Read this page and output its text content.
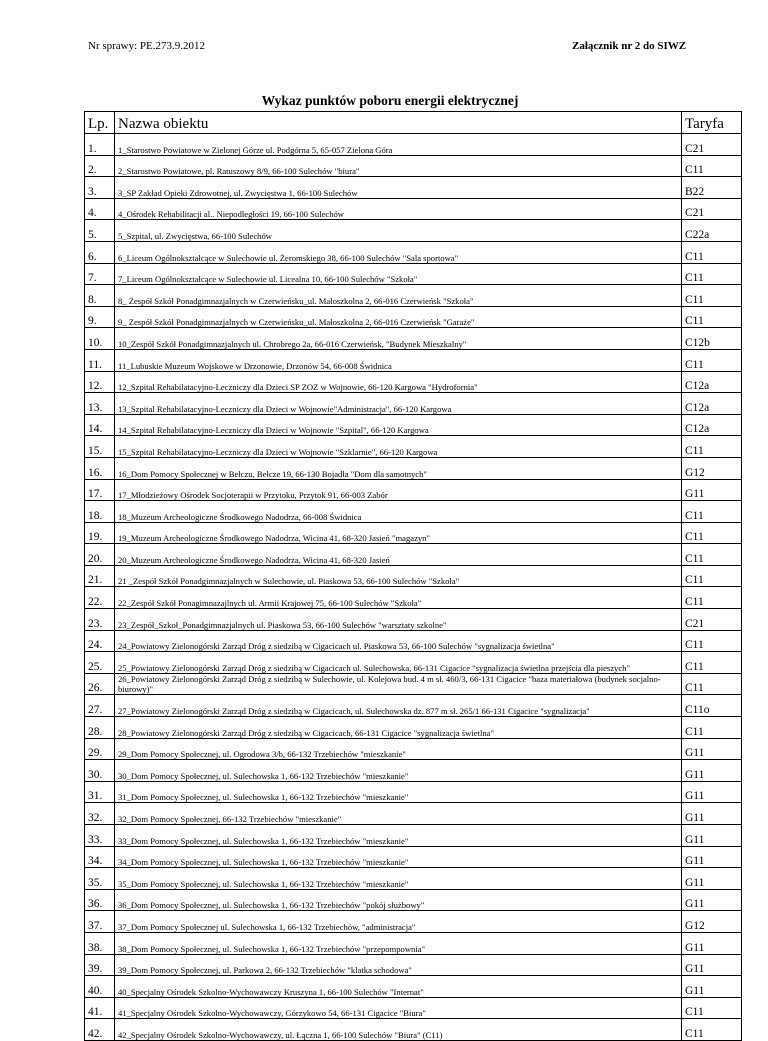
Nr sprawy: PE.273.9.2012	Załącznik nr 2 do SIWZ
Wykaz punktów poboru energii elektrycznej
Lp.	Nazwa obiektu	Taryfa
1.	1_Starostwo Powiatowe w Zielonej Górze ul. Podgórna 5, 65-057 Zielona Góra	C21
2.	2_Starostwo Powiatowe, pl. Ratuszowy 8/9, 66-100 Sulechów "biura"	C11
3.	3_SP Zakład Opieki Zdrowotnej, ul. Zwycięstwa 1, 66-100 Sulechów	B22
4.	4_Ośrodek Rehabilitacji al.. Niepodległości 19, 66-100 Sulechów	C21
5.	5_Szpital, ul. Zwycięstwa, 66-100 Sulechów	C22a
6.	6_Liceum Ogólnokształcące w Sulechowie ul. Żeromskiego 38, 66-100 Sulechów "Sala sportowa"	C11
7.	7_Liceum Ogólnokształcące w Sulechowie ul. Licealna 10, 66-100 Sulechów "Szkoła"	C11
8.	8_ Zespół Szkół Ponadgimnazjalnych w Czerwieńsku_ul. Małoszkolna 2, 66-016 Czerwieńsk "Szkoła"	C11
9.	9_ Zespół Szkół Ponadgimnazjalnych w Czerwieńsku_ul. Małoszkolna 2, 66-016 Czerwieńsk "Garaże"	C11
10.	10_Zespół Szkół Ponadgimnazjalnych ul. Chrobrego 2a, 66-016 Czerwieńsk, "Budynek Mieszkalny"	C12b
11.	11_Lubuskie Muzeum Wojskowe w Drzonowie, Drzonów 54, 66-008 Świdnica	C11
12.	12_Szpital Rehabilatacyjno-Leczniczy dla Dzieci SP ZOZ w Wojnowie, 66-120 Kargowa "Hydrofornia"	C12a
13.	13_Szpital Rehabilatacyjno-Leczniczy dla Dzieci w Wojnowie"Administracja", 66-120 Kargowa	C12a
14.	14_Szpital Rehabilatacyjno-Leczniczy dla Dzieci w Wojnowie "Szpital", 66-120 Kargowa	C12a
15.	15_Szpital Rehabilatacyjno-Leczniczy dla Dzieci w Wojnowie "Szklarnie", 66-120 Kargowa	C11
16.	16_Dom Pomocy Społecznej w Bełczu, Bełcze 19, 66-130 Bojadła "Dom dla samotnych"	G12
17.	17_Młodzieżowy Ośrodek Socjoterapii w Przytoku, Przytok 91, 66-003 Zabór	G11
18.	18_Muzeum Archeologiczne Środkowego Nadodrza, 66-008 Świdnica	C11
19.	19_Muzeum Archeologiczne Środkowego Nadodrza, Wicina 41, 68-320 Jasień "magazyn"	C11
20.	20_Muzeum Archeologiczne Środkowego Nadodrza, Wicina 41, 68-320 Jasień	C11
21.	21 _Zespół Szkół Ponadgimnazjalnych w Sulechowie, ul. Piaskowa 53, 66-100 Sulechów "Szkoła"	C11
22.	22_Zespół Szkół Ponagimnazajlnych ul. Armii Krajowej 75, 66-100 Sulechów "Szkoła"	C11
23.	23_Zespół_Szkoł_Ponadgimnazjalnych ul. Piaskowa 53, 66-100 Sulechów "warsztaty szkolne"	C21
24.	24_Powiatowy Zielonogórski Zarząd Dróg z siedzibą w Cigacicach ul. Piaskowa 53, 66-100 Sulechów "sygnalizacja świetlna"	C11
25.	25_Powiatowy Zielonogórski Zarząd Dróg z siedzibą w Cigacicach ul. Sulechowska, 66-131 Cigacice "sygnalizacja świetlna przejścia dla pieszych"	C11
26.	26_Powiatowy Zielonogórski Zarząd Dróg z siedzibą w Sulechowie, ul. Kolejowa bud. 4 m sł. 460/3, 66-131 Cigacice "baza materiałowa (budynek socjalno-biurowy)"	C11
27.	27_Powiatowy Zielonogórski Zarząd Dróg z siedzibą w Cigacicach, ul. Sulechowska dz. 877 m sł. 265/1 66-131 Cigacice "sygnalizacja"	C11o
28.	28_Powiatowy Zielonogórski Zarząd Dróg z siedzibą w Cigacicach, 66-131 Cigacice "sygnalizacja świetlna"	C11
29.	29_Dom Pomocy Społecznej, ul. Ogrodowa 3/b, 66-132 Trzebiechów "mieszkanie"	G11
30.	30_Dom Pomocy Społecznej, ul. Sulechowska 1, 66-132 Trzebiechów "mieszkanie"	G11
31.	31_Dom Pomocy Społecznej, ul. Sulechowska 1, 66-132 Trzebiechów "mieszkanie"	G11
32.	32_Dom Pomocy Społecznej, 66-132 Trzebiechów "mieszkanie"	G11
33.	33_Dom Pomocy Społecznej, ul. Sulechowska 1, 66-132 Trzebiechów "mieszkanie"	G11
34.	34_Dom Pomocy Społecznej, ul. Sulechowska 1, 66-132 Trzebiechów "mieszkanie"	G11
35.	35_Dom Pomocy Społecznej, ul. Sulechowska 1, 66-132 Trzebiechów "mieszkanie"	G11
36.	36_Dom Pomocy Społecznej, ul. Sulechowska 1, 66-132 Trzebiechów "pokój służbowy"	G11
37.	37_Dom Pomocy Społecznej ul. Sulechowska 1, 66-132 Trzebiechów, "administracja"	G12
38.	38_Dom Pomocy Społecznej, ul. Sulechowska 1, 66-132 Trzebiechów "przepompownia"	G11
39.	39_Dom Pomocy Społecznej, ul. Parkowa 2, 66-132 Trzebiechów "klatka schodowa"	G11
40.	40_Specjalny Ośrodek Szkolno-Wychowawczy Kruszyna 1, 66-100 Sulechów "Internat"	G11
41.	41_Specjalny Ośrodek Szkolno-Wychowawczy, Górzykowo 54, 66-131 Cigacice "Biura"	C11
42.	42_Specjalny Ośrodek Szkolno-Wychowawczy, ul. Łączna 1, 66-100 Sulechów "Biura" (C11)	C11
